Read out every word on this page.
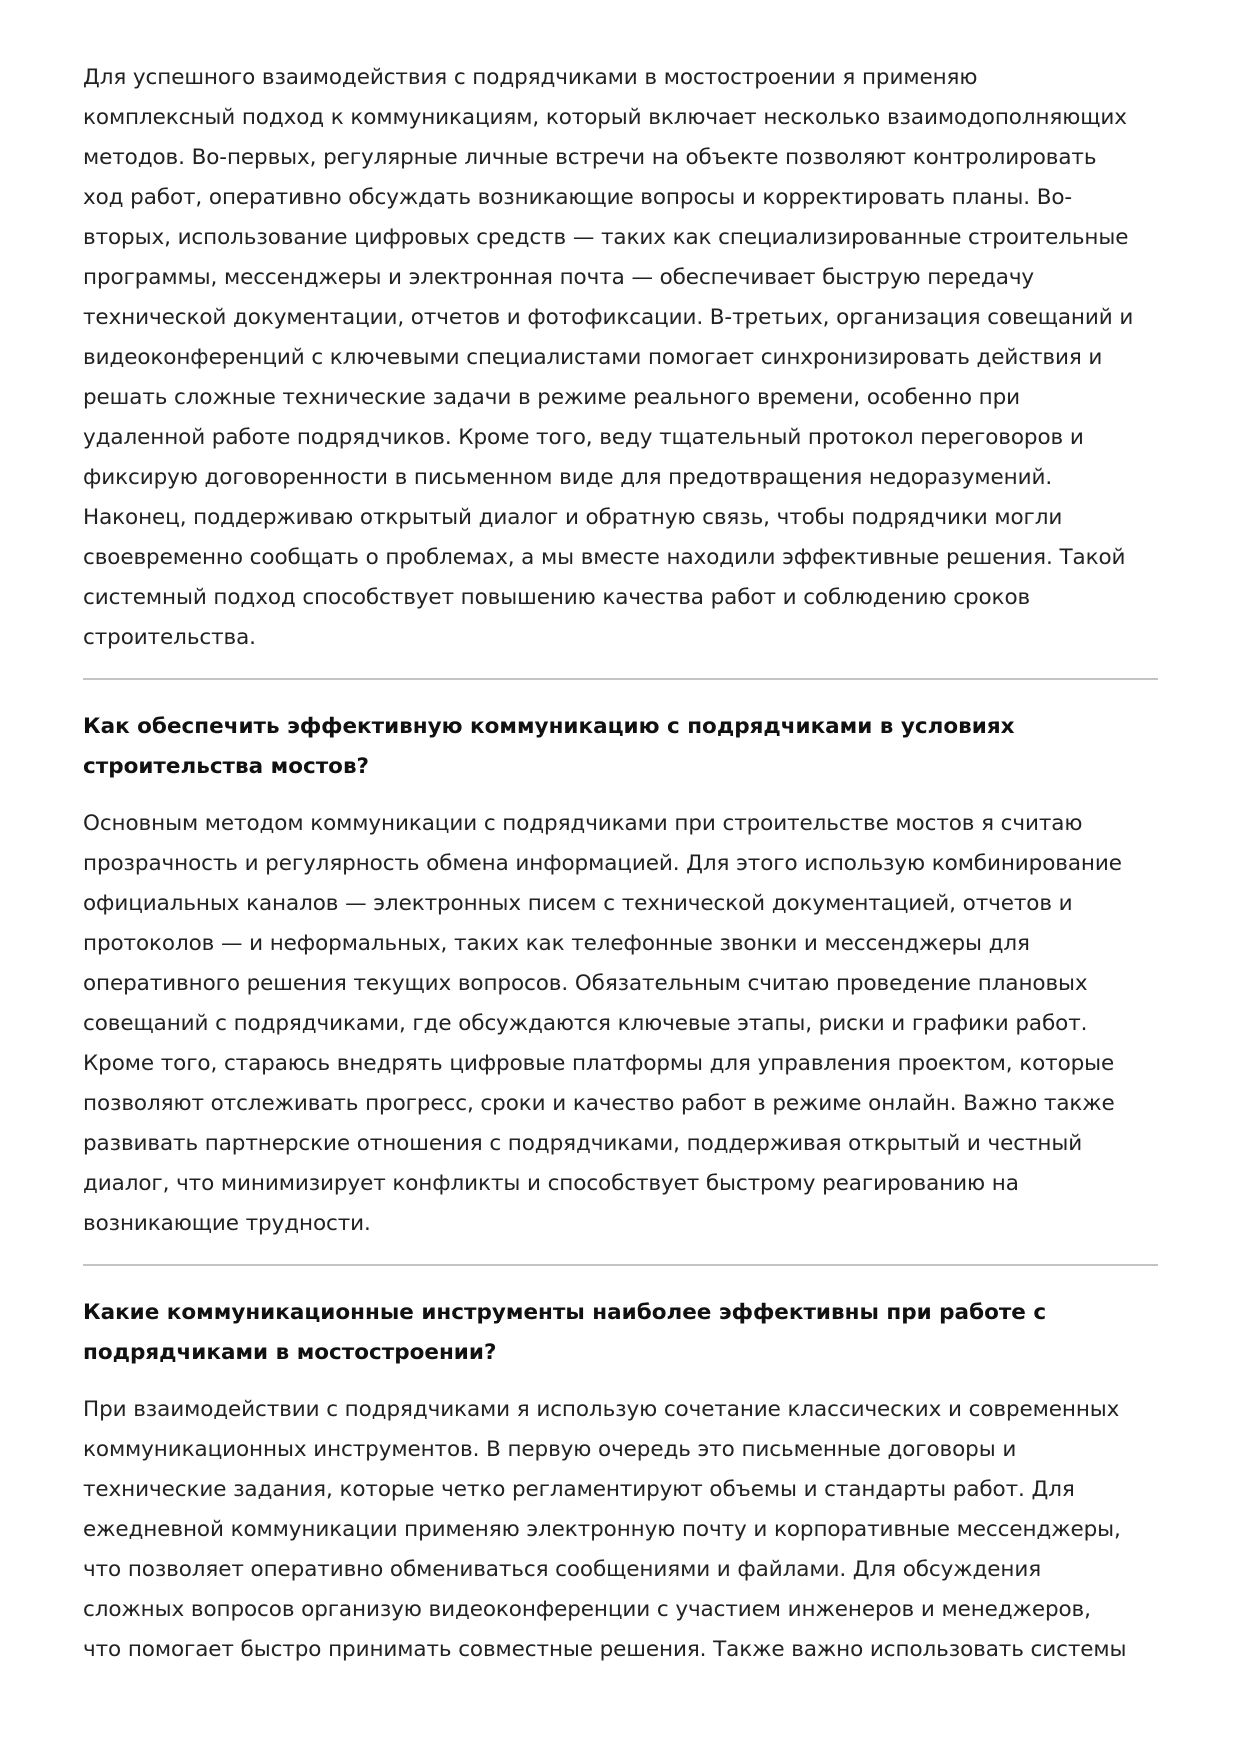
Для успешного взаимодействия с подрядчиками в мостостроении я применяю
комплексный подход к коммуникациям, который включает несколько взаимодополняющих
методов. Во-первых, регулярные личные встречи на объекте позволяют контролировать
ход работ, оперативно обсуждать возникающие вопросы и корректировать планы. Во-
вторых, использование цифровых средств — таких как специализированные строительные
программы, мессенджеры и электронная почта — обеспечивает быструю передачу
технической документации, отчетов и фотофиксации. В-третьих, организация совещаний и
видеоконференций с ключевыми специалистами помогает синхронизировать действия и
решать сложные технические задачи в режиме реального времени, особенно при
удаленной работе подрядчиков. Кроме того, веду тщательный протокол переговоров и
фиксирую договоренности в письменном виде для предотвращения недоразумений.
Наконец, поддерживаю открытый диалог и обратную связь, чтобы подрядчики могли
своевременно сообщать о проблемах, а мы вместе находили эффективные решения. Такой
системный подход способствует повышению качества работ и соблюдению сроков
строительства.

Как обеспечить эффективную коммуникацию с подрядчиками в условиях
строительства мостов?

Основным методом коммуникации с подрядчиками при строительстве мостов я считаю
прозрачность и регулярность обмена информацией. Для этого использую комбинирование
официальных каналов — электронных писем с технической документацией, отчетов и
протоколов — и неформальных, таких как телефонные звонки и мессенджеры для
оперативного решения текущих вопросов. Обязательным считаю проведение плановых
совещаний с подрядчиками, где обсуждаются ключевые этапы, риски и графики работ.
Кроме того, стараюсь внедрять цифровые платформы для управления проектом, которые
позволяют отслеживать прогресс, сроки и качество работ в режиме онлайн. Важно также
развивать партнерские отношения с подрядчиками, поддерживая открытый и честный
диалог, что минимизирует конфликты и способствует быстрому реагированию на
возникающие трудности.

Какие коммуникационные инструменты наиболее эффективны при работе с
подрядчиками в мостостроении?

При взаимодействии с подрядчиками я использую сочетание классических и современных
коммуникационных инструментов. В первую очередь это письменные договоры и
технические задания, которые четко регламентируют объемы и стандарты работ. Для
ежедневной коммуникации применяю электронную почту и корпоративные мессенджеры,
что позволяет оперативно обмениваться сообщениями и файлами. Для обсуждения
сложных вопросов организую видеоконференции с участием инженеров и менеджеров,
что помогает быстро принимать совместные решения. Также важно использовать системы
